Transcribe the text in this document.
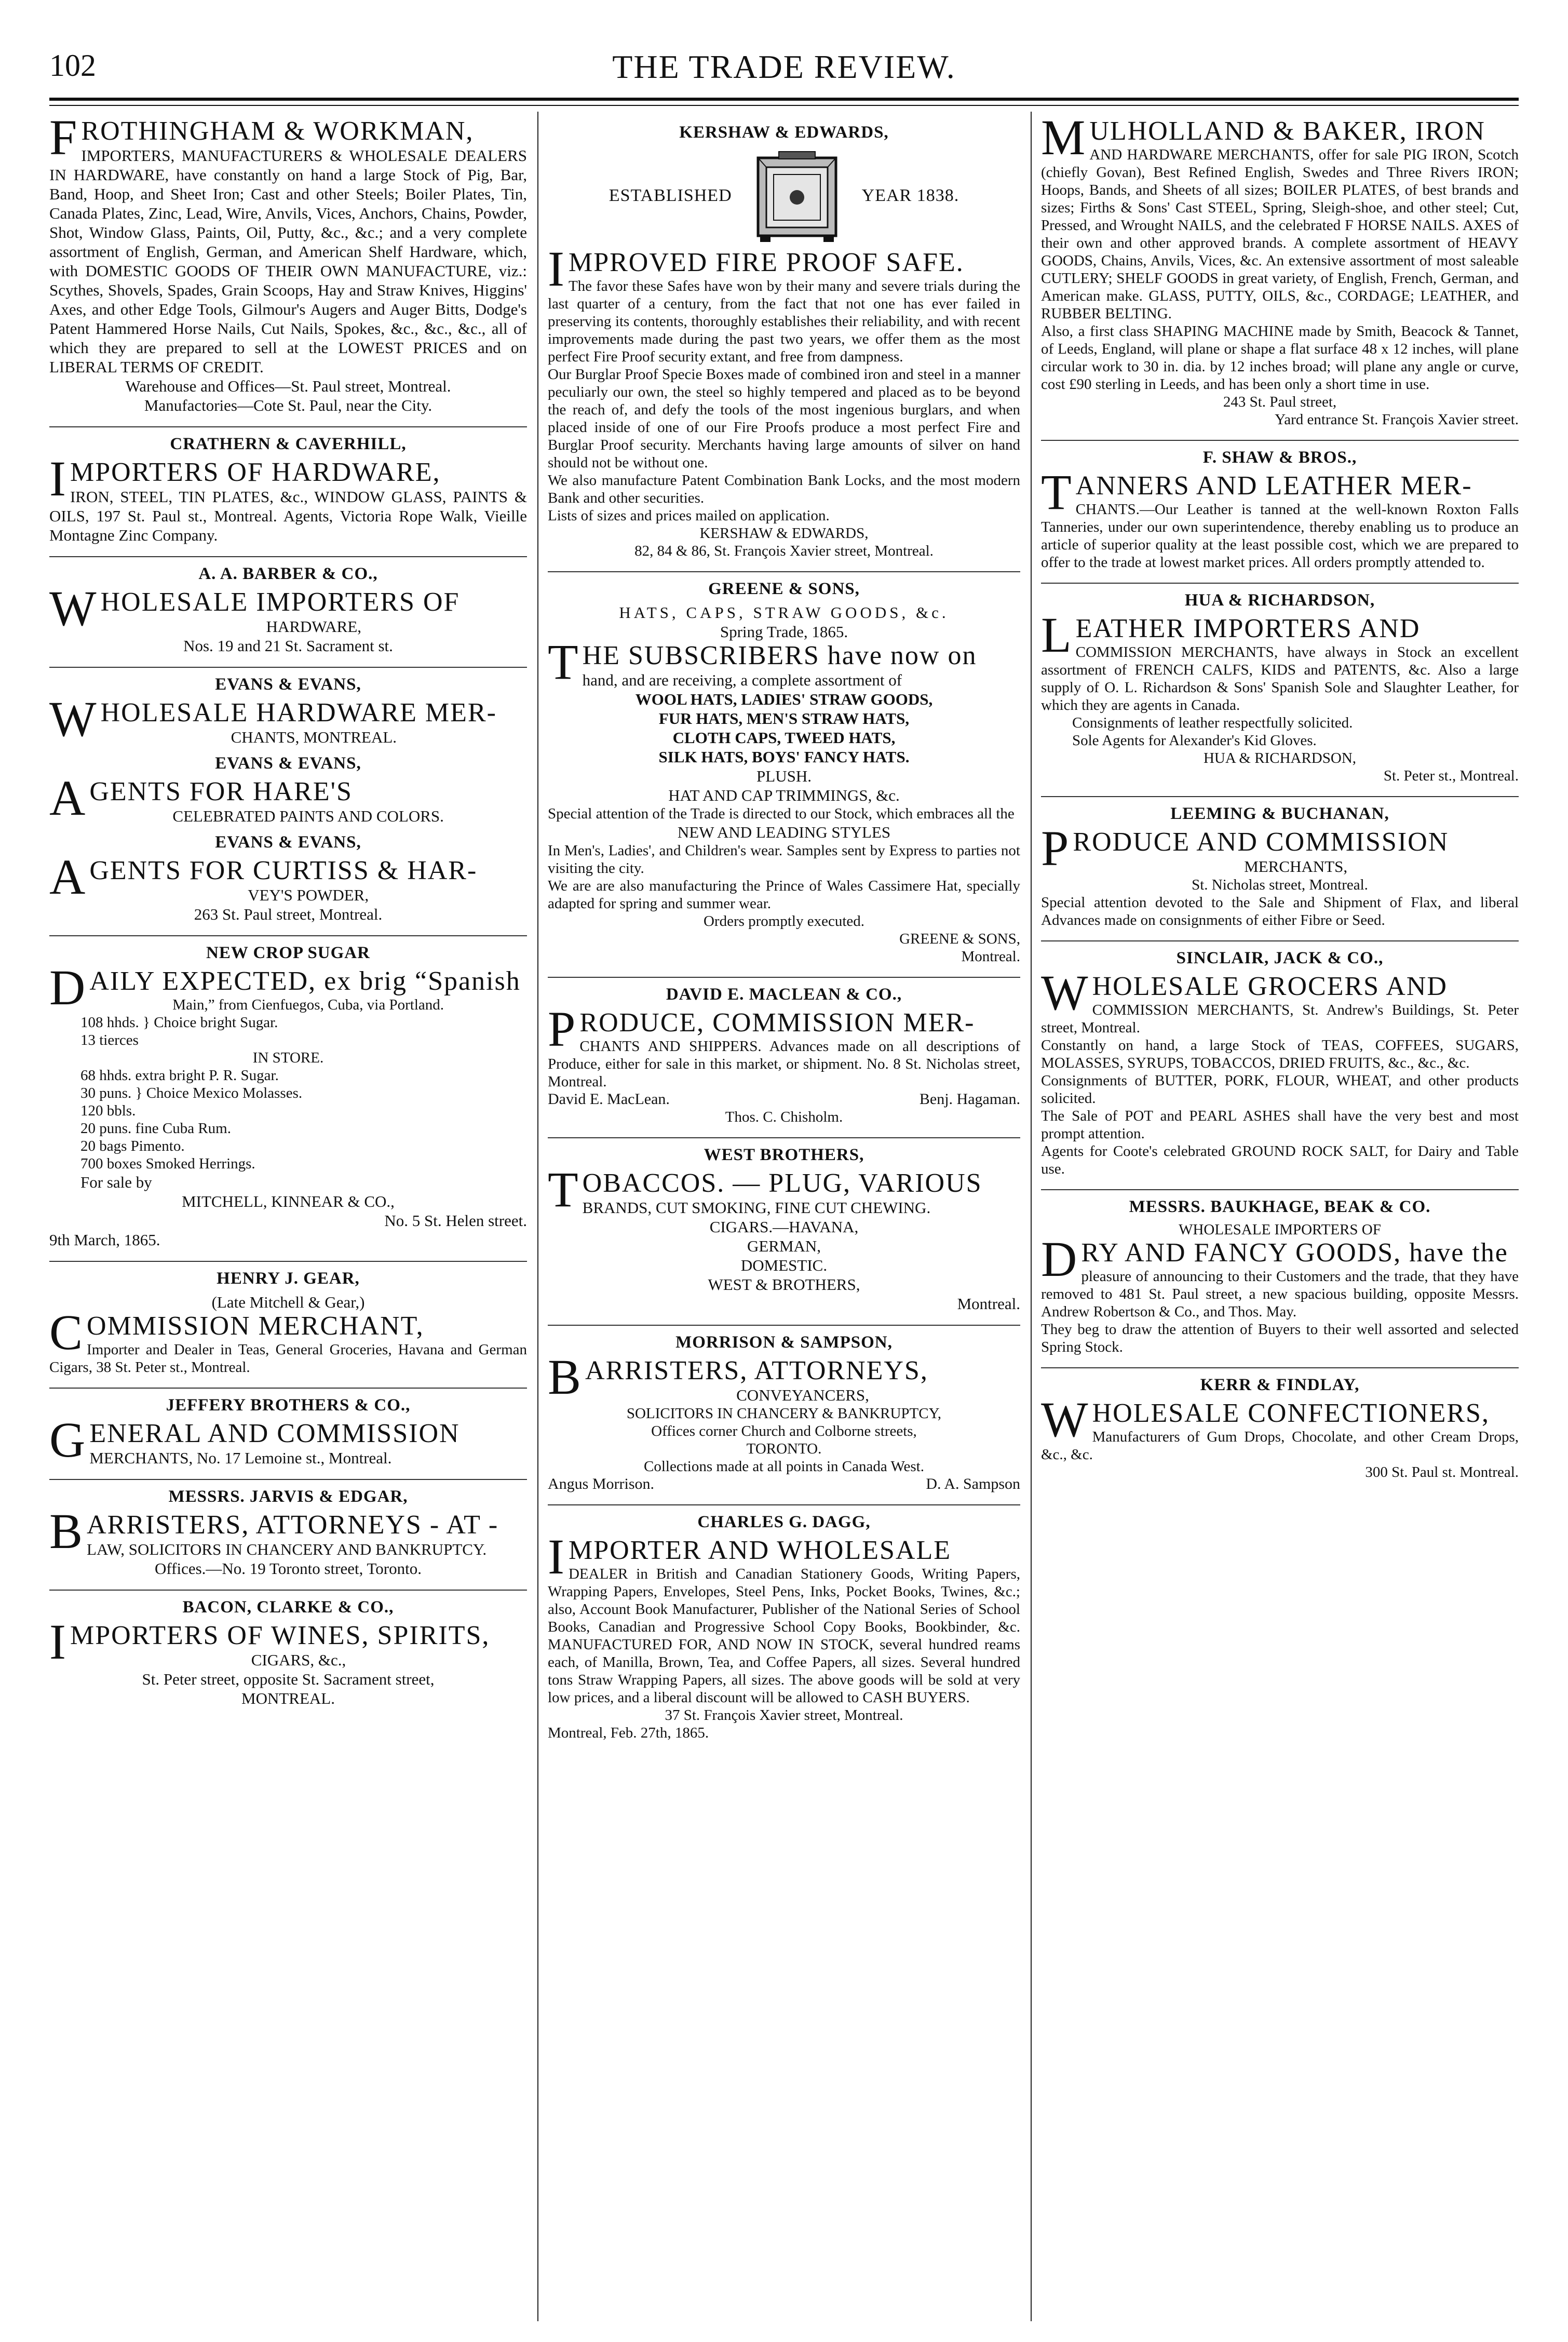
102	THE TRADE REVIEW.

FROTHINGHAM & WORKMAN,

IMPORTERS, MANUFACTURERS & WHOLESALE DEALERS IN HARDWARE, have constantly on hand a large Stock of Pig, Bar, Band, Hoop, and Sheet Iron; Cast and other Steels; Boiler Plates, Tin, Canada Plates, Zinc, Lead, Wire, Anvils, Vices, Anchors, Chains, Powder, Shot, Window Glass, Paints, Oil, Putty, &c., &c.; and a very complete assortment of English, German, and American Shelf Hardware, which, with DOMESTIC GOODS OF THEIR OWN MANUFACTURE, viz.: Scythes, Shovels, Spades, Grain Scoops, Hay and Straw Knives, Higgins' Axes, and other Edge Tools, Gilmour's Augers and Auger Bitts, Dodge's Patent Hammered Horse Nails, Cut Nails, Spokes, &c., &c., &c., all of which they are prepared to sell at the LOWEST PRICES and on LIBERAL TERMS OF CREDIT.

Warehouse and Offices—St. Paul street, Montreal.

Manufactories—Cote St. Paul, near the City.

CRATHERN & CAVERHILL,

IMPORTERS OF HARDWARE,

IRON, STEEL, TIN PLATES, &c., WINDOW GLASS, PAINTS & OILS, 197 St. Paul st., Montreal. Agents, Victoria Rope Walk, Vieille Montagne Zinc Company.

A. A. BARBER & CO.,

WHOLESALE IMPORTERS OF

HARDWARE,

Nos. 19 and 21 St. Sacrament st.

EVANS & EVANS,

WHOLESALE HARDWARE MER-

CHANTS, MONTREAL.

EVANS & EVANS,

AGENTS FOR HARE'S

CELEBRATED PAINTS AND COLORS.

EVANS & EVANS,

AGENTS FOR CURTISS & HAR-

VEY'S POWDER,

263 St. Paul street, Montreal.

NEW CROP SUGAR

DAILY EXPECTED, ex brig “Spanish

Main,” from Cienfuegos, Cuba, via Portland.

108 hhds. } Choice bright Sugar.

13 tierces

IN STORE.

68 hhds. extra bright P. R. Sugar.

30 puns. } Choice Mexico Molasses.

120 bbls.

20 puns. fine Cuba Rum.

20 bags Pimento.

700 boxes Smoked Herrings.

For sale by

MITCHELL, KINNEAR & CO.,

No. 5 St. Helen street.

9th March, 1865.

HENRY J. GEAR,

(Late Mitchell & Gear,)

COMMISSION MERCHANT,

Importer and Dealer in Teas, General Groceries, Havana and German Cigars, 38 St. Peter st., Montreal.

JEFFERY BROTHERS & CO.,

GENERAL AND COMMISSION

MERCHANTS, No. 17 Lemoine st., Montreal.

MESSRS. JARVIS & EDGAR,

BARRISTERS, ATTORNEYS - AT -

LAW, SOLICITORS IN CHANCERY AND BANKRUPTCY.

Offices.—No. 19 Toronto street, Toronto.

BACON, CLARKE & CO.,

IMPORTERS OF WINES, SPIRITS,

CIGARS, &c.,

St. Peter street, opposite St. Sacrament street,

MONTREAL.

KERSHAW & EDWARDS,
ESTABLISHED	YEAR 1838.

IMPROVED FIRE PROOF SAFE.

The favor these Safes have won by their many and severe trials during the last quarter of a century, from the fact that not one has ever failed in preserving its contents, thoroughly establishes their reliability, and with recent improvements made during the past two years, we offer them as the most perfect Fire Proof security extant, and free from dampness.

Our Burglar Proof Specie Boxes made of combined iron and steel in a manner peculiarly our own, the steel so highly tempered and placed as to be beyond the reach of, and defy the tools of the most ingenious burglars, and when placed inside of one of our Fire Proofs produce a most perfect Fire and Burglar Proof security. Merchants having large amounts of silver on hand should not be without one.

We also manufacture Patent Combination Bank Locks, and the most modern Bank and other securities.

Lists of sizes and prices mailed on application.

KERSHAW & EDWARDS,

82, 84 & 86, St. François Xavier street, Montreal.

GREENE & SONS,

HATS, CAPS, STRAW GOODS, &c.

Spring Trade, 1865.

THE SUBSCRIBERS have now on

hand, and are receiving, a complete assortment of

WOOL HATS, LADIES' STRAW GOODS,

FUR HATS, MEN'S STRAW HATS,

CLOTH CAPS, TWEED HATS,

SILK HATS, BOYS' FANCY HATS.

PLUSH.

HAT AND CAP TRIMMINGS, &c.

Special attention of the Trade is directed to our Stock, which embraces all the

NEW AND LEADING STYLES

In Men's, Ladies', and Children's wear. Samples sent by Express to parties not visiting the city.

We are are also manufacturing the Prince of Wales Cassimere Hat, specially adapted for spring and summer wear.

Orders promptly executed.

GREENE & SONS,

Montreal.

DAVID E. MACLEAN & CO.,

PRODUCE, COMMISSION MER-

CHANTS AND SHIPPERS. Advances made on all descriptions of Produce, either for sale in this market, or shipment. No. 8 St. Nicholas street, Montreal.

David E. MacLean.	Benj. Hagaman.

Thos. C. Chisholm.

WEST BROTHERS,

TOBACCOS. — PLUG, VARIOUS

BRANDS, CUT SMOKING, FINE CUT CHEWING.

CIGARS.—HAVANA,

GERMAN,

DOMESTIC.

WEST & BROTHERS,

Montreal.

MORRISON & SAMPSON,

BARRISTERS, ATTORNEYS,

CONVEYANCERS,

SOLICITORS IN CHANCERY & BANKRUPTCY,

Offices corner Church and Colborne streets,

TORONTO.

Collections made at all points in Canada West.

Angus Morrison.	D. A. Sampson
CHARLES G. DAGG,

IMPORTER AND WHOLESALE

DEALER in British and Canadian Stationery Goods, Writing Papers, Wrapping Papers, Envelopes, Steel Pens, Inks, Pocket Books, Twines, &c.; also, Account Book Manufacturer, Publisher of the National Series of School Books, Canadian and Progressive School Copy Books, Bookbinder, &c. MANUFACTURED FOR, AND NOW IN STOCK, several hundred reams each, of Manilla, Brown, Tea, and Coffee Papers, all sizes. Several hundred tons Straw Wrapping Papers, all sizes. The above goods will be sold at very low prices, and a liberal discount will be allowed to CASH BUYERS.

37 St. François Xavier street, Montreal.

Montreal, Feb. 27th, 1865.

MULHOLLAND & BAKER, IRON

AND HARDWARE MERCHANTS, offer for sale PIG IRON, Scotch (chiefly Govan), Best Refined English, Swedes and Three Rivers IRON; Hoops, Bands, and Sheets of all sizes; BOILER PLATES, of best brands and sizes; Firths & Sons' Cast STEEL, Spring, Sleigh-shoe, and other steel; Cut, Pressed, and Wrought NAILS, and the celebrated F HORSE NAILS. AXES of their own and other approved brands. A complete assortment of HEAVY GOODS, Chains, Anvils, Vices, &c. An extensive assortment of most saleable CUTLERY; SHELF GOODS in great variety, of English, French, German, and American make. GLASS, PUTTY, OILS, &c., CORDAGE; LEATHER, and RUBBER BELTING.

Also, a first class SHAPING MACHINE made by Smith, Beacock & Tannet, of Leeds, England, will plane or shape a flat surface 48 x 12 inches, will plane circular work to 30 in. dia. by 12 inches broad; will plane any angle or curve, cost £90 sterling in Leeds, and has been only a short time in use.

243 St. Paul street,

Yard entrance St. François Xavier street.

F. SHAW & BROS.,

TANNERS AND LEATHER MER-

CHANTS.—Our Leather is tanned at the well-known Roxton Falls Tanneries, under our own superintendence, thereby enabling us to produce an article of superior quality at the least possible cost, which we are prepared to offer to the trade at lowest market prices. All orders promptly attended to.

HUA & RICHARDSON,

LEATHER IMPORTERS AND

COMMISSION MERCHANTS, have always in Stock an excellent assortment of FRENCH CALFS, KIDS and PATENTS, &c. Also a large supply of O. L. Richardson & Sons' Spanish Sole and Slaughter Leather, for which they are agents in Canada.

Consignments of leather respectfully solicited.

Sole Agents for Alexander's Kid Gloves.

HUA & RICHARDSON,

St. Peter st., Montreal.

LEEMING & BUCHANAN,

PRODUCE AND COMMISSION

MERCHANTS,

St. Nicholas street, Montreal.

Special attention devoted to the Sale and Shipment of Flax, and liberal Advances made on consignments of either Fibre or Seed.

SINCLAIR, JACK & CO.,

WHOLESALE GROCERS AND

COMMISSION MERCHANTS, St. Andrew's Buildings, St. Peter street, Montreal.

Constantly on hand, a large Stock of TEAS, COFFEES, SUGARS, MOLASSES, SYRUPS, TOBACCOS, DRIED FRUITS, &c., &c., &c.

Consignments of BUTTER, PORK, FLOUR, WHEAT, and other products solicited.

The Sale of POT and PEARL ASHES shall have the very best and most prompt attention.

Agents for Coote's celebrated GROUND ROCK SALT, for Dairy and Table use.

MESSRS. BAUKHAGE, BEAK & CO.

WHOLESALE IMPORTERS OF

DRY AND FANCY GOODS, have the

pleasure of announcing to their Customers and the trade, that they have removed to 481 St. Paul street, a new spacious building, opposite Messrs. Andrew Robertson & Co., and Thos. May.

They beg to draw the attention of Buyers to their well assorted and selected Spring Stock.

KERR & FINDLAY,

WHOLESALE CONFECTIONERS,

Manufacturers of Gum Drops, Chocolate, and other Cream Drops, &c., &c.

300 St. Paul st. Montreal.
